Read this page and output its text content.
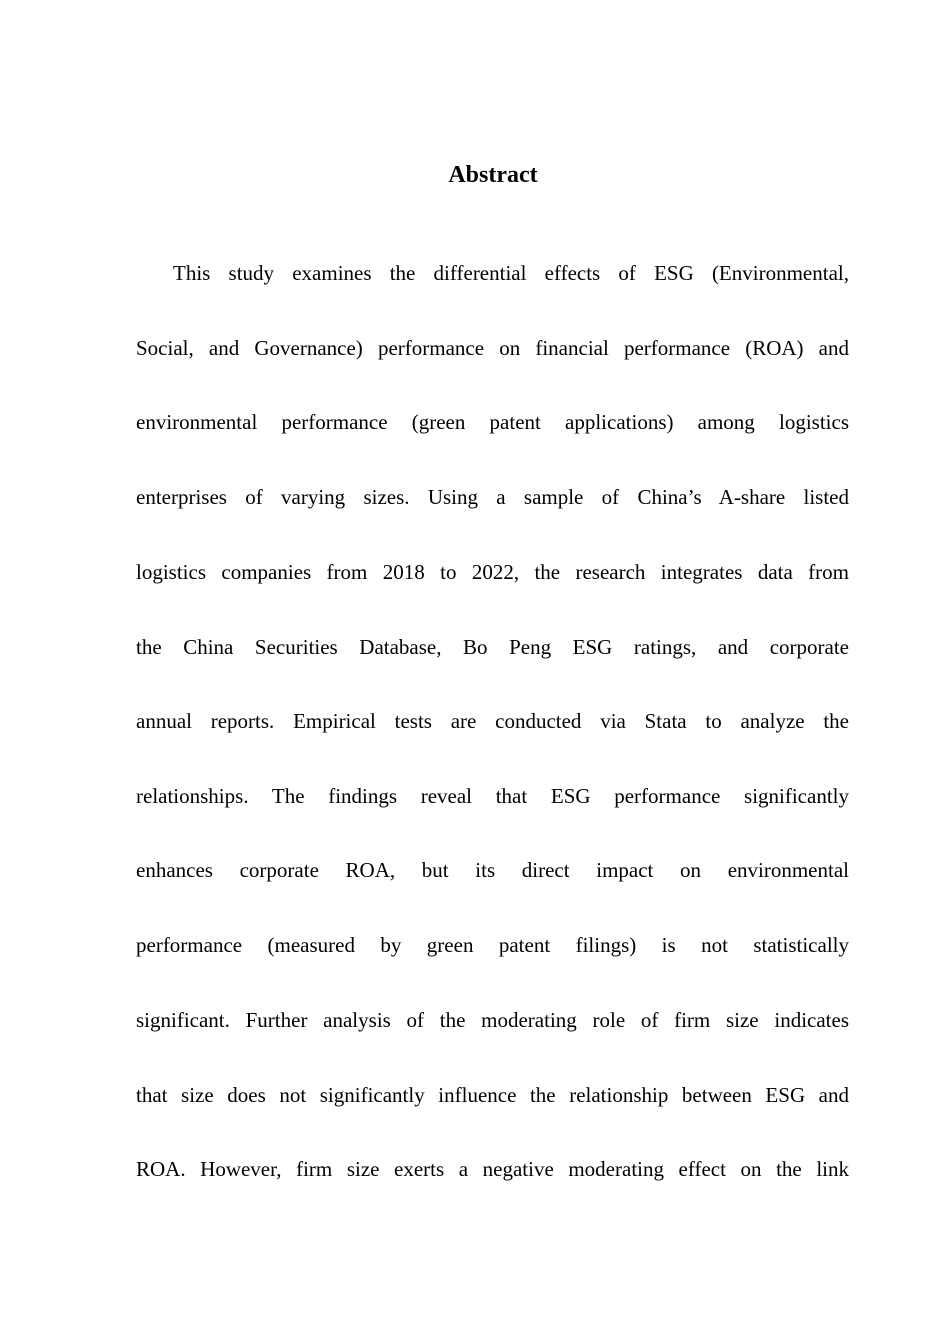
Abstract
This study examines the differential effects of ESG (Environmental,
Social, and Governance) performance on financial performance (ROA) and
environmental performance (green patent applications) among logistics
enterprises of varying sizes. Using a sample of China’s A-share listed
logistics companies from 2018 to 2022, the research integrates data from
the China Securities Database, Bo Peng ESG ratings, and corporate
annual reports. Empirical tests are conducted via Stata to analyze the
relationships. The findings reveal that ESG performance significantly
enhances corporate ROA, but its direct impact on environmental
performance (measured by green patent filings) is not statistically
significant. Further analysis of the moderating role of firm size indicates
that size does not significantly influence the relationship between ESG and
ROA. However, firm size exerts a negative moderating effect on the link
